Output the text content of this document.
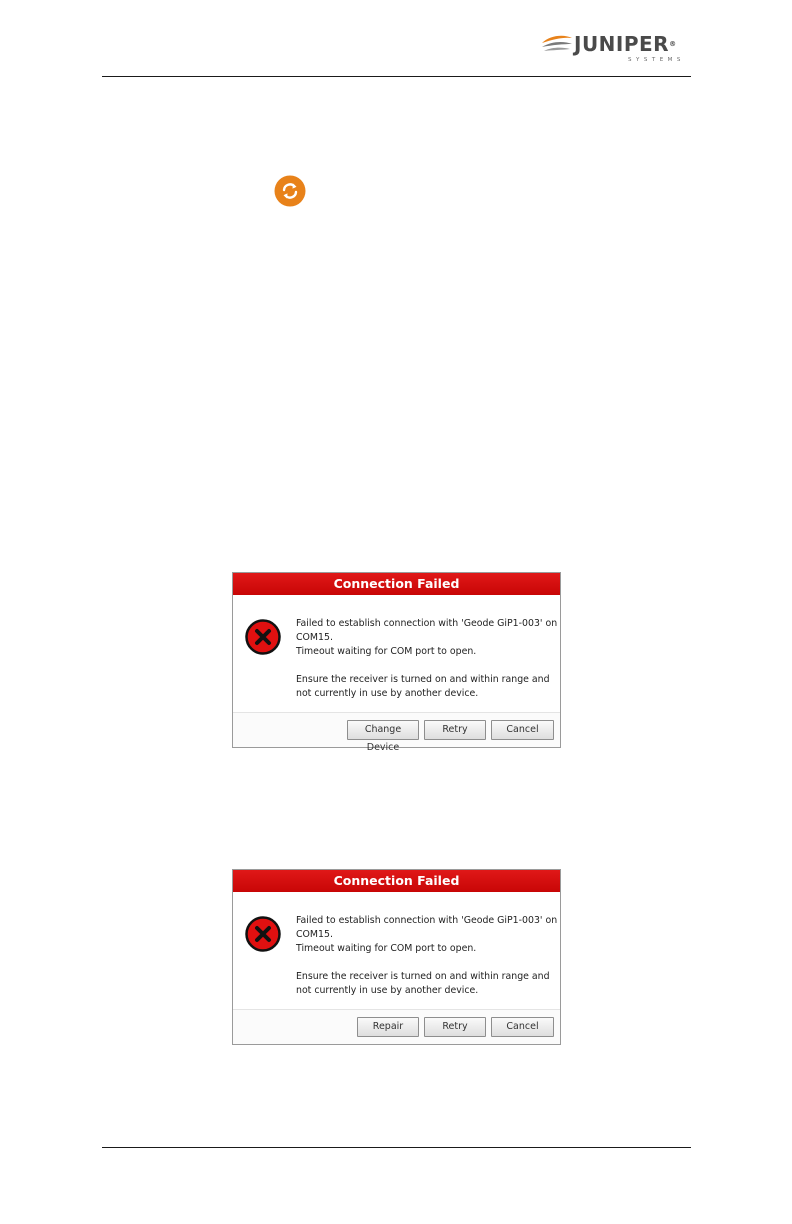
JUNIPER®
SYSTEMS
Connection Failed

Failed to establish connection with 'Geode GiP1-003' on COM15.
Timeout waiting for COM port to open.

Ensure the receiver is turned on and within range and not currently in use by another device.

Change Device
Retry	Cancel
Connection Failed

Failed to establish connection with 'Geode GiP1-003' on COM15.
Timeout waiting for COM port to open.

Ensure the receiver is turned on and within range and not currently in use by another device.

Repair	Retry	Cancel
